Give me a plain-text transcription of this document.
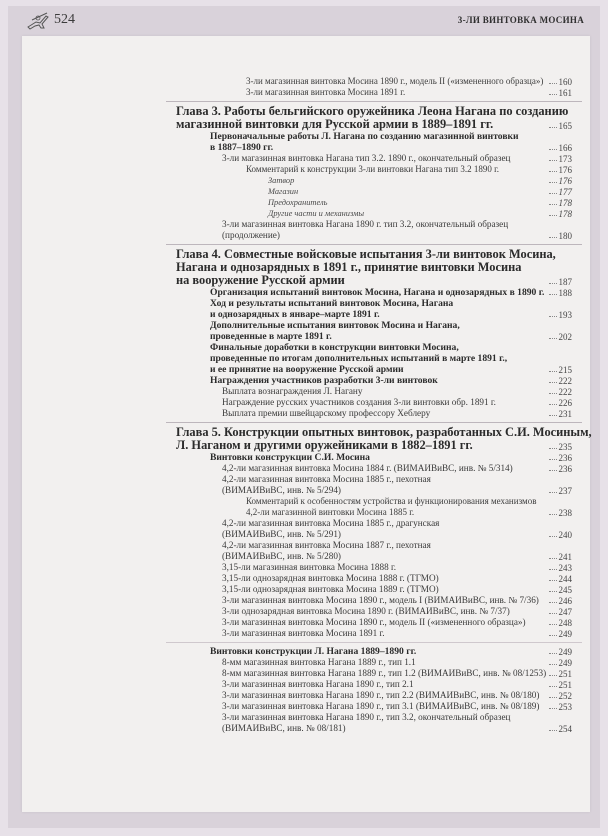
524	3-ЛИ ВИНТОВКА МОСИНА
3-ли магазинная винтовка Мосина 1890 г., модель II («измененного образца»)	160
3-ли магазинная винтовка Мосина 1891 г.	161
Глава 3. Работы бельгийского оружейника Леона Нагана по созданию
магазинной винтовки для Русской армии в 1889–1891 гг.	165
Первоначальные работы Л. Нагана по созданию магазинной винтовки
в 1887–1890 гг.	166
3-ли магазинная винтовка Нагана тип 3.2. 1890 г., окончательный образец	173
Комментарий к конструкции 3-ли винтовки Нагана тип 3.2 1890 г.	176
Затвор	176
Магазин	177
Предохранитель	178
Другие части и механизмы	178
3-ли магазинная винтовка Нагана 1890 г. тип 3.2, окончательный образец
(продолжение)	180
Глава 4. Совместные войсковые испытания 3-ли винтовок Мосина,
Нагана и однозарядных в 1891 г., принятие винтовки Мосина
на вооружение Русской армии	187
Организация испытаний винтовок Мосина, Нагана и однозарядных в 1890 г.	188
Ход и результаты испытаний винтовок Мосина, Нагана
и однозарядных в январе–марте 1891 г.	193
Дополнительные испытания винтовок Мосина и Нагана,
проведенные в марте 1891 г.	202
Финальные доработки в конструкции винтовки Мосина,
проведенные по итогам дополнительных испытаний в марте 1891 г.,
и ее принятие на вооружение Русской армии	215
Награждения участников разработки 3-ли винтовок	222
Выплата вознаграждения Л. Нагану	222
Награждение русских участников создания 3-ли винтовки обр. 1891 г.	226
Выплата премии швейцарскому профессору Хеблеру	231
Глава 5. Конструкции опытных винтовок, разработанных С.И. Мосиным,
Л. Наганом и другими оружейниками в 1882–1891 гг.	235
Винтовки конструкции С.И. Мосина	236
4,2-ли магазинная винтовка Мосина 1884 г. (ВИМАИВиВС, инв. № 5/314)	236
4,2-ли магазинная винтовка Мосина 1885 г., пехотная
(ВИМАИВиВС, инв. № 5/294)	237
Комментарий к особенностям устройства и функционирования механизмов
4,2-ли магазинной винтовки Мосина 1885 г.	238
4,2-ли магазинная винтовка Мосина 1885 г., драгунская
(ВИМАИВиВС, инв. № 5/291)	240
4,2-ли магазинная винтовка Мосина 1887 г., пехотная
(ВИМАИВиВС, инв. № 5/280)	241
3,15-ли магазинная винтовка Мосина 1888 г.	243
3,15-ли однозарядная винтовка Мосина 1888 г. (ТГМО)	244
3,15-ли однозарядная винтовка Мосина 1889 г. (ТГМО)	245
3-ли магазинная винтовка Мосина 1890 г., модель I (ВИМАИВиВС, инв. № 7/36)	246
3-ли однозарядная винтовка Мосина 1890 г. (ВИМАИВиВС, инв. № 7/37)	247
3-ли магазинная винтовка Мосина 1890 г., модель II («измененного образца»)	248
3-ли магазинная винтовка Мосина 1891 г.	249
Винтовки конструкции Л. Нагана 1889–1890 гг.	249
8-мм магазинная винтовка Нагана 1889 г., тип 1.1	249
8-мм магазинная винтовка Нагана 1889 г., тип 1.2 (ВИМАИВиВС, инв. № 08/1253)	251
3-ли магазинная винтовка Нагана 1890 г., тип 2.1	251
3-ли магазинная винтовка Нагана 1890 г., тип 2.2 (ВИМАИВиВС, инв. № 08/180)	252
3-ли магазинная винтовка Нагана 1890 г., тип 3.1 (ВИМАИВиВС, инв. № 08/189)	253
3-ли магазинная винтовка Нагана 1890 г., тип 3.2, окончательный образец
(ВИМАИВиВС, инв. № 08/181)	254
